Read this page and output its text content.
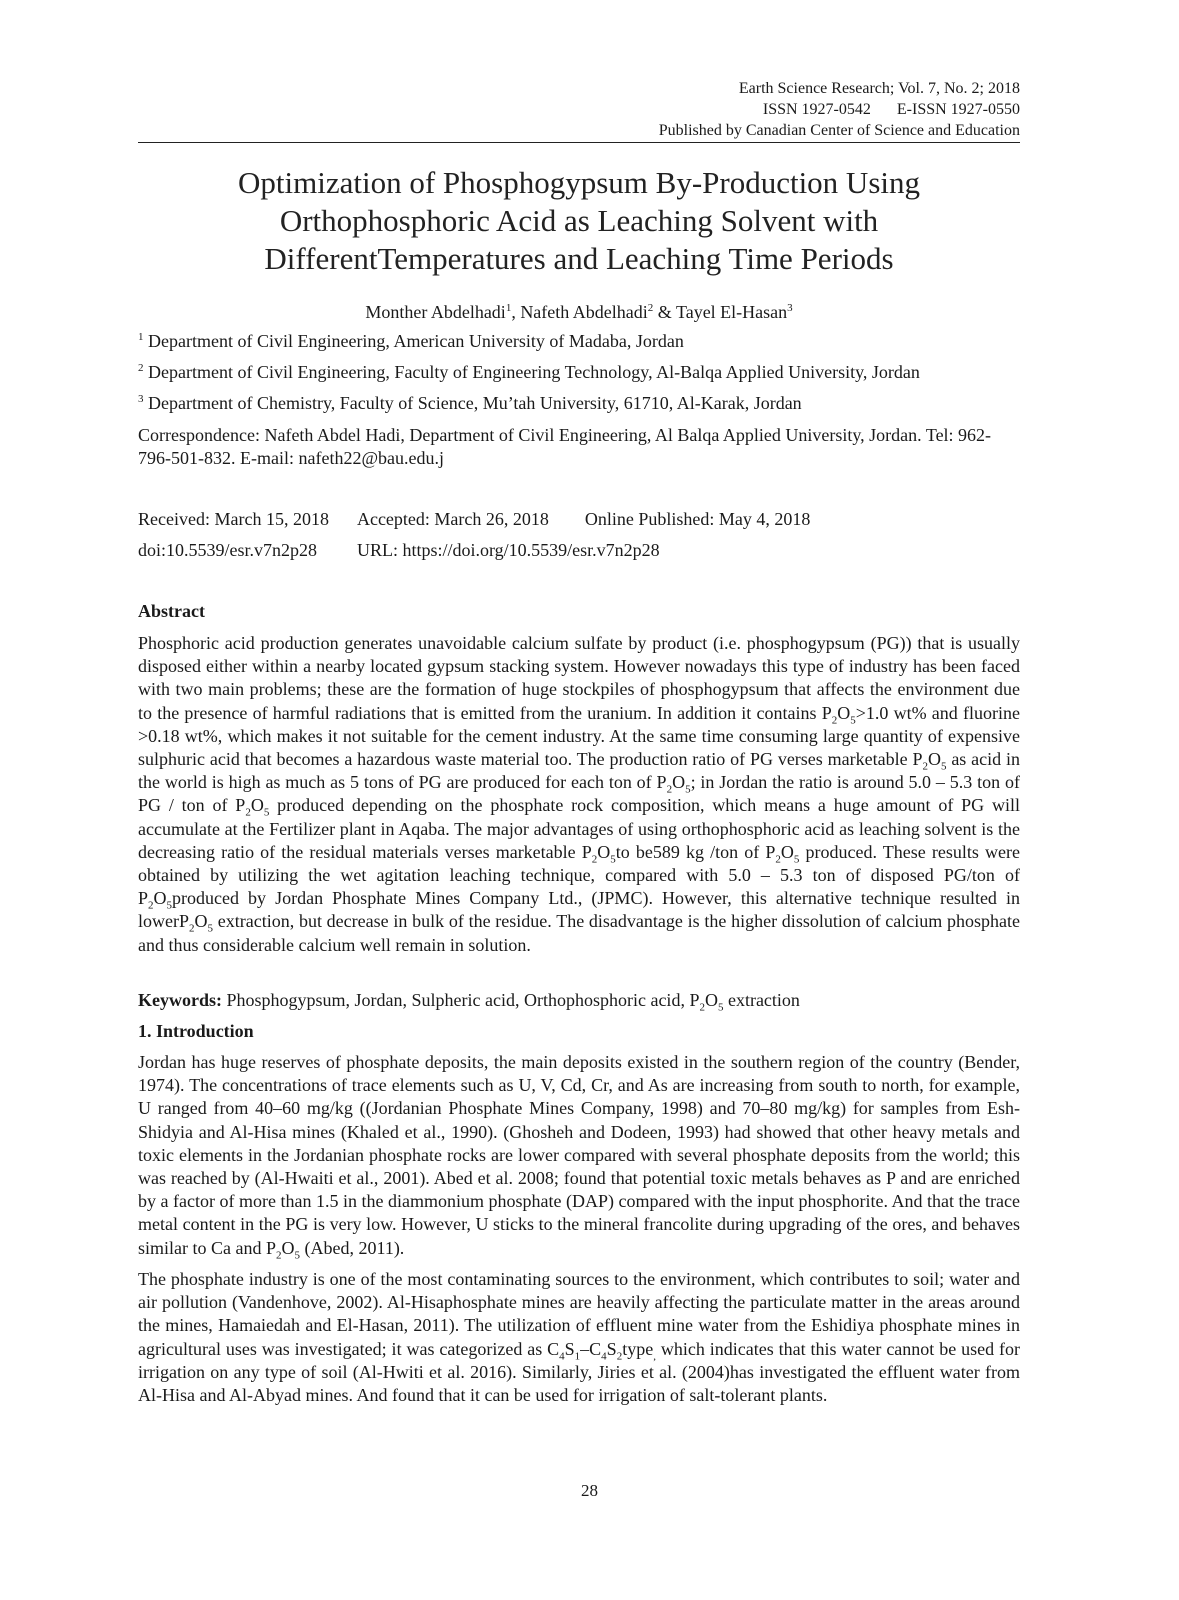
Earth Science Research; Vol. 7, No. 2; 2018
ISSN 1927-0542 E-ISSN 1927-0550
Published by Canadian Center of Science and Education
Optimization of Phosphogypsum By-Production Using
Orthophosphoric Acid as Leaching Solvent with
DifferentTemperatures and Leaching Time Periods
Monther Abdelhadi$^1$, Nafeth Abdelhadi$^2$ & Tayel El-Hasan$^3$
$^1$ Department of Civil Engineering, American University of Madaba, Jordan
$^2$ Department of Civil Engineering, Faculty of Engineering Technology, Al-Balqa Applied University, Jordan
$^3$ Department of Chemistry, Faculty of Science, Mu’tah University, 61710, Al-Karak, Jordan
Correspondence: Nafeth Abdel Hadi, Department of Civil Engineering, Al Balqa Applied University, Jordan. Tel: 962-796-501-832. E-mail: nafeth22@bau.edu.j
Received: March 15, 2018 Accepted: March 26, 2018 Online Published: May 4, 2018
doi:10.5539/esr.v7n2p28 URL: https://doi.org/10.5539/esr.v7n2p28
Abstract
Phosphoric acid production generates unavoidable calcium sulfate by product (i.e. phosphogypsum (PG)) that is usually disposed either within a nearby located gypsum stacking system. However nowadays this type of industry has been faced with two main problems; these are the formation of huge stockpiles of phosphogypsum that affects the environment due to the presence of harmful radiations that is emitted from the uranium. In addition it contains $P_2O_5>1.0$ wt% and fluorine >0.18 wt%, which makes it not suitable for the cement industry. At the same time consuming large quantity of expensive sulphuric acid that becomes a hazardous waste material too. The production ratio of PG verses marketable $P_2O_5$ as acid in the world is high as much as 5 tons of PG are produced for each ton of $P_2O_5$; in Jordan the ratio is around 5.0 – 5.3 ton of PG / ton of $P_2O_5$ produced depending on the phosphate rock composition, which means a huge amount of PG will accumulate at the Fertilizer plant in Aqaba. The major advantages of using orthophosphoric acid as leaching solvent is the decreasing ratio of the residual materials verses marketable $P_2O_5to$ be589 kg /ton of $P_2O_5$ produced. These results were obtained by utilizing the wet agitation leaching technique, compared with 5.0 – 5.3 ton of disposed PG/ton of $P_2O_5produced$ by Jordan Phosphate Mines Company Ltd., (JPMC). However, this alternative technique resulted in $lowerP_2O_5$ extraction, but decrease in bulk of the residue. The disadvantage is the higher dissolution of calcium phosphate and thus considerable calcium well remain in solution.
Keywords: Phosphogypsum, Jordan, Sulpheric acid, Orthophosphoric acid, $P_2O_5$ extraction
1. Introduction
Jordan has huge reserves of phosphate deposits, the main deposits existed in the southern region of the country (Bender, 1974). The concentrations of trace elements such as U, V, Cd, Cr, and As are increasing from south to north, for example, U ranged from 40–60 mg/kg ((Jordanian Phosphate Mines Company, 1998) and 70–80 mg/kg) for samples from Esh-Shidyia and Al-Hisa mines (Khaled et al., 1990). (Ghosheh and Dodeen, 1993) had showed that other heavy metals and toxic elements in the Jordanian phosphate rocks are lower compared with several phosphate deposits from the world; this was reached by (Al-Hwaiti et al., 2001). Abed et al. 2008; found that potential toxic metals behaves as P and are enriched by a factor of more than 1.5 in the diammonium phosphate (DAP) compared with the input phosphorite. And that the trace metal content in the PG is very low. However, U sticks to the mineral francolite during upgrading of the ores, and behaves similar to Ca and $P_2O_5$ (Abed, 2011).
The phosphate industry is one of the most contaminating sources to the environment, which contributes to soil; water and air pollution (Vandenhove, 2002). Al-Hisaphosphate mines are heavily affecting the particulate matter in the areas around the mines, Hamaiedah and El-Hasan, 2011). The utilization of effluent mine water from the Eshidiya phosphate mines in agricultural uses was investigated; it was categorized as $C_4S_1-C_4S_2type_,$ which indicates that this water cannot be used for irrigation on any type of soil (Al-Hwiti et al. 2016). Similarly, Jiries et al. (2004)has investigated the effluent water from Al-Hisa and Al-Abyad mines. And found that it can be used for irrigation of salt-tolerant plants.
28
